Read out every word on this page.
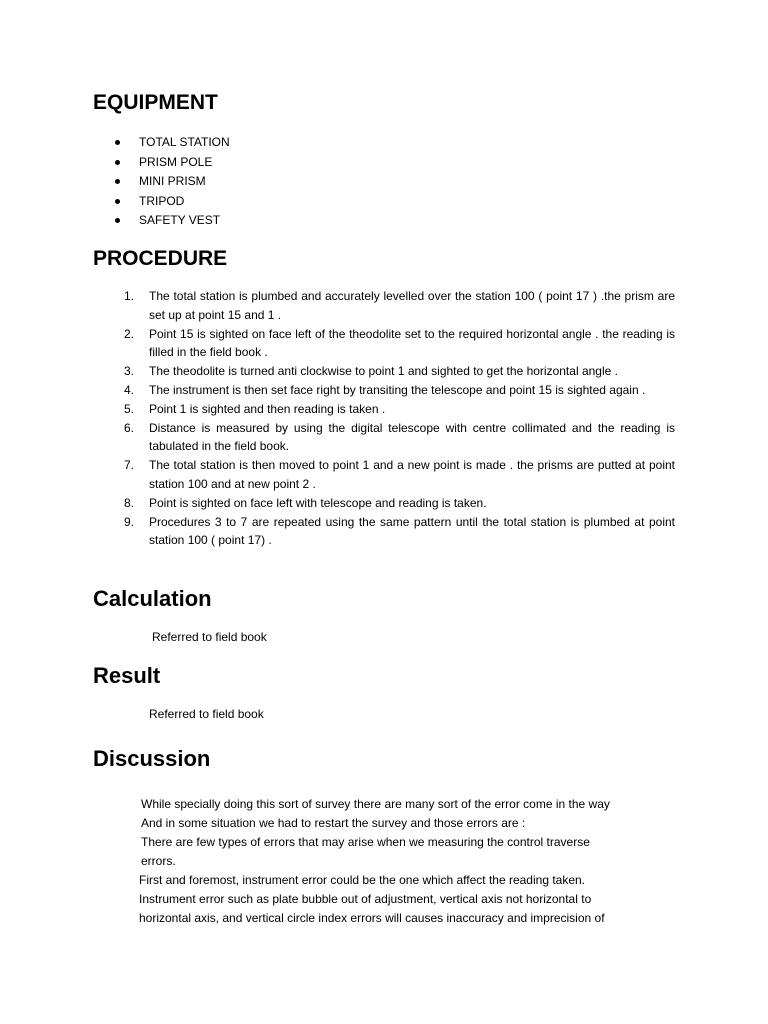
EQUIPMENT
TOTAL STATION
PRISM POLE
MINI PRISM
TRIPOD
SAFETY VEST
PROCEDURE
1. The total station is plumbed and accurately levelled over the station 100 ( point 17 ) .the prism are set up at point 15 and 1 .
2. Point 15 is sighted on face left of the theodolite set to the required horizontal angle . the reading is filled in the field book .
3. The theodolite is turned anti clockwise to point 1 and sighted to get the horizontal angle .
4. The instrument is then set face right by transiting the telescope and point 15 is sighted again .
5. Point 1 is sighted and then reading is taken .
6. Distance is measured by using the digital telescope with centre collimated and the reading is tabulated in the field book.
7. The total station is then moved to point 1 and a new point is made . the prisms are putted at point station 100 and at new point 2 .
8. Point is sighted on face left with telescope and reading is taken.
9. Procedures 3 to 7 are repeated using the same pattern until the total station is plumbed at point station 100 ( point 17) .
Calculation

Referred to field book

Result

Referred to field book

Discussion
While specially doing this sort of survey there are many sort of the error come in the way
And in some situation we had to restart the survey and those errors are :
There are few types of errors that may arise when we measuring the control traverse
errors.
First and foremost, instrument error could be the one which affect the reading taken.
Instrument error such as plate bubble out of adjustment, vertical axis not horizontal to
horizontal axis, and vertical circle index errors will causes inaccuracy and imprecision of
